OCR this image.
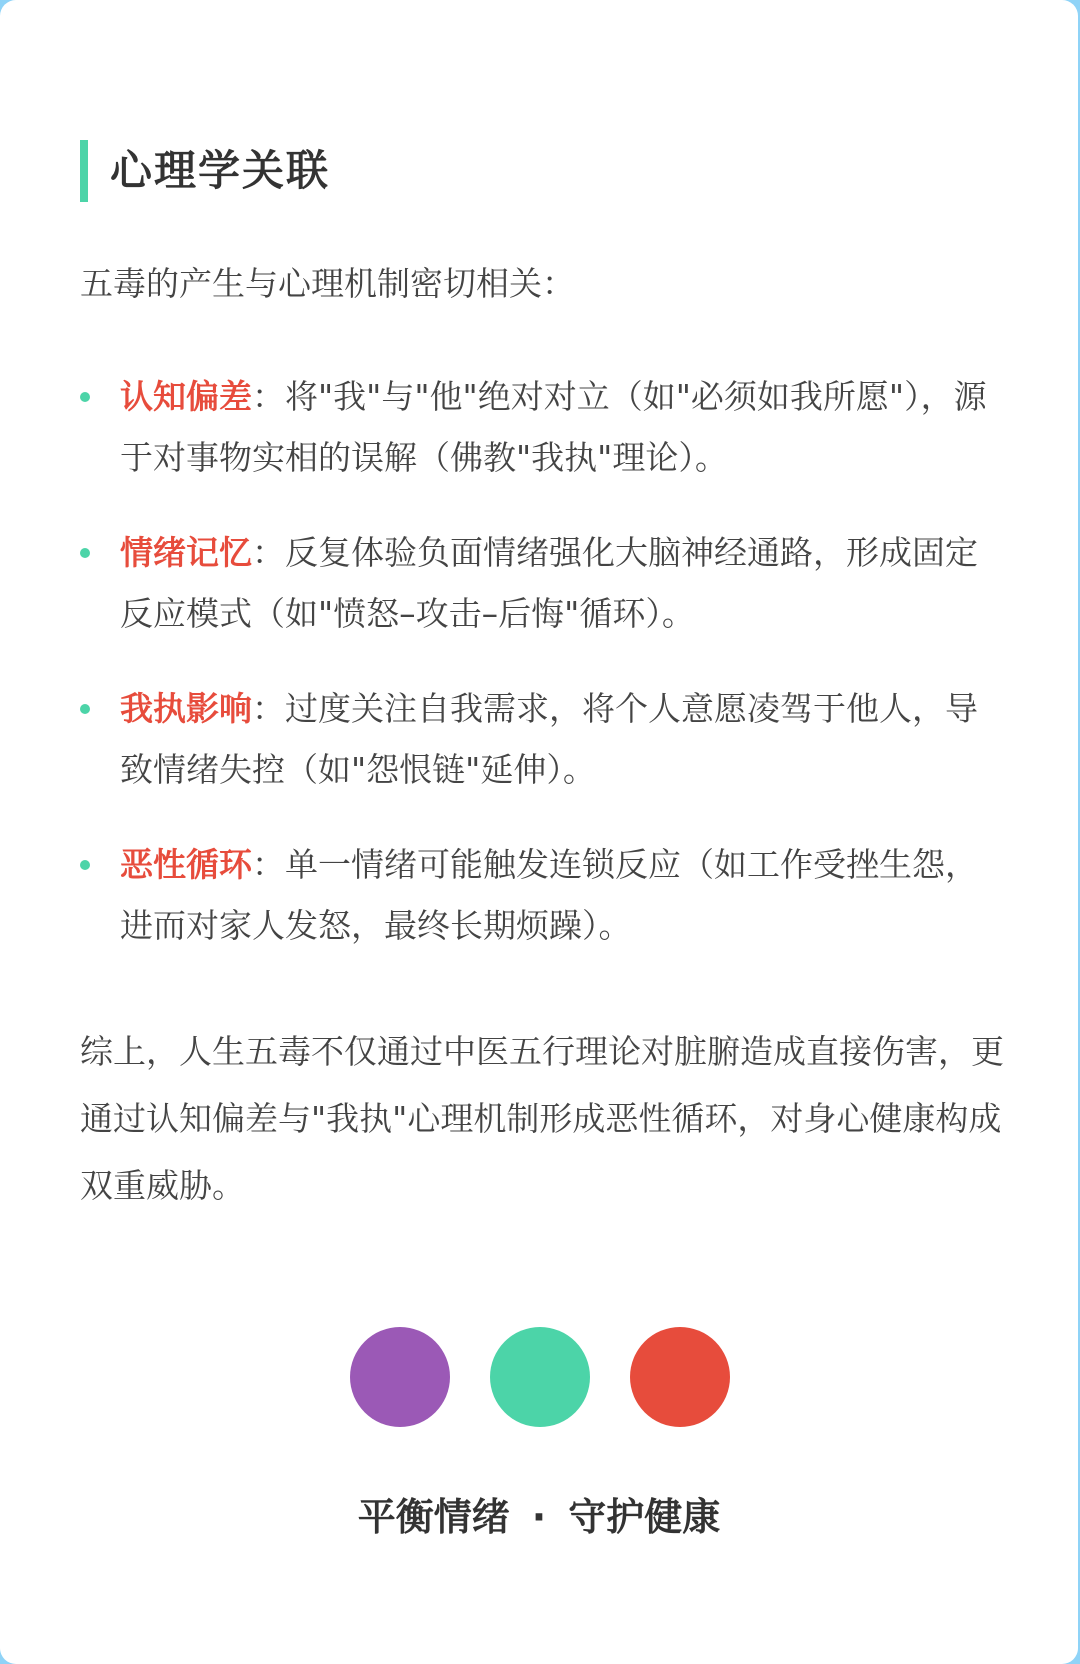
心理学关联

五毒的产生与心理机制密切相关：

认知偏差：将"我"与"他"绝对对立（如"必须如我所愿"），源于对事物实相的误解（佛教"我执"理论）。
情绪记忆：反复体验负面情绪强化大脑神经通路，形成固定反应模式（如"愤怒–攻击–后悔"循环）。
我执影响：过度关注自我需求，将个人意愿凌驾于他人，导致情绪失控（如"怨恨链"延伸）。
恶性循环：单一情绪可能触发连锁反应（如工作受挫生怨，进而对家人发怒，最终长期烦躁）。

综上，人生五毒不仅通过中医五行理论对脏腑造成直接伤害，更通过认知偏差与"我执"心理机制形成恶性循环，对身心健康构成双重威胁。

平衡情绪 · 守护健康
